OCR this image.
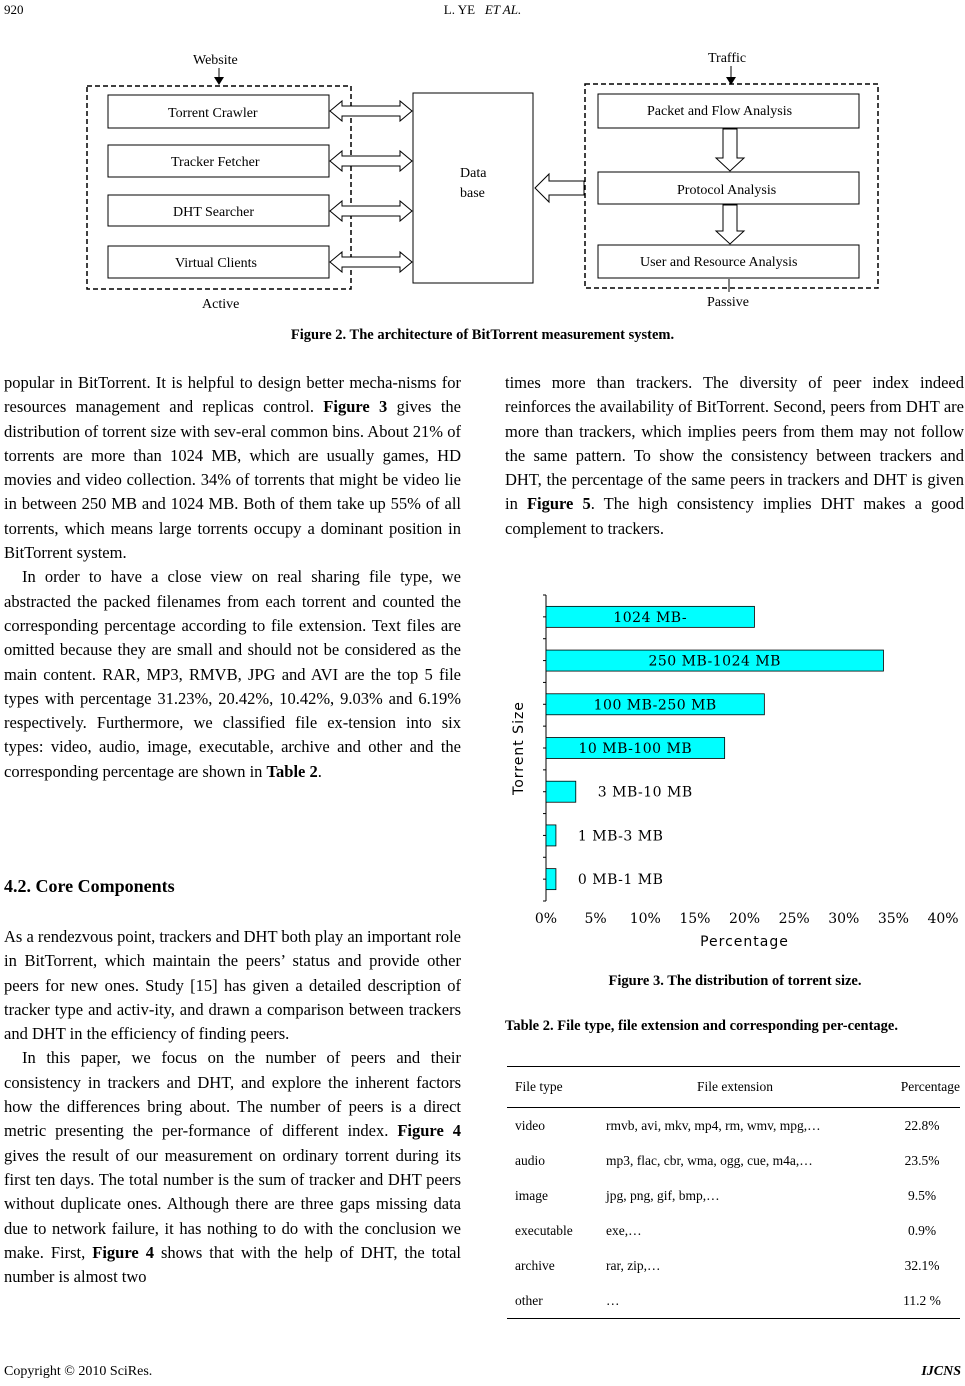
920	L. YE ET AL.
Website	Traffic
Torrent Crawler
Tracker Fetcher
DHT Searcher
Virtual Clients
Data
base
Packet and Flow Analysis
Protocol Analysis
User and Resource Analysis
Active	Passive
Figure 2. The architecture of BitTorrent measurement system.

popular in BitTorrent. It is helpful to design better mecha-nisms for resources management and replicas control. Figure 3 gives the distribution of torrent size with sev-eral common bins. About 21% of torrents are more than 1024 MB, which are usually games, HD movies and video collection. 34% of torrents that might be video lie in between 250 MB and 1024 MB. Both of them take up 55% of all torrents, which means large torrents occupy a dominant position in BitTorrent system.

In order to have a close view on real sharing file type, we abstracted the packed filenames from each torrent and counted the corresponding percentage according to file extension. Text files are omitted because they are small and should not be considered as the main content. RAR, MP3, RMVB, JPG and AVI are the top 5 file types with percentage 31.23%, 20.42%, 10.42%, 9.03% and 6.19% respectively. Furthermore, we classified file ex-tension into six types: video, audio, image, executable, archive and other and the corresponding percentage are shown in Table 2.

4.2. Core Components

As a rendezvous point, trackers and DHT both play an important role in BitTorrent, which maintain the peers’ status and provide other peers for new ones. Study [15] has given a detailed description of tracker type and activ-ity, and drawn a comparison between trackers and DHT in the efficiency of finding peers.

In this paper, we focus on the number of peers and their consistency in trackers and DHT, and explore the inherent factors how the differences bring about. The number of peers is a direct metric presenting the per-formance of different index. Figure 4 gives the result of our measurement on ordinary torrent during its first ten days. The total number is the sum of tracker and DHT peers without duplicate ones. Although there are three gaps missing data due to network failure, it has nothing to do with the conclusion we make. First, Figure 4 shows that with the help of DHT, the total number is almost two

times more than trackers. The diversity of peer index indeed reinforces the availability of BitTorrent. Second, peers from DHT are more than trackers, which implies peers from them may not follow the same pattern. To show the consistency between trackers and DHT, the percentage of the same peers in trackers and DHT is given in Figure 5. The high consistency implies DHT makes a good complement to trackers.

1024 MB-
250 MB-1024 MB
100 MB-250 MB
10 MB-100 MB
3 MB-10 MB
1 MB-3 MB
0 MB-1 MB
0% 5% 10% 15% 20% 25% 30% 35% 40%
Percentage
Torrent Size
Figure 3. The distribution of torrent size.
Table 2. File type, file extension and corresponding per-centage.
File type	File extension	Percentage
video	rmvb, avi, mkv, mp4, rm, wmv, mpg,…	22.8%
audio	mp3, flac, cbr, wma, ogg, cue, m4a,…	23.5%
image	jpg, png, gif, bmp,…	9.5%
executable	exe,…	0.9%
archive	rar, zip,…	32.1%
other	…	11.2 %
Copyright © 2010 SciRes.	IJCNS
